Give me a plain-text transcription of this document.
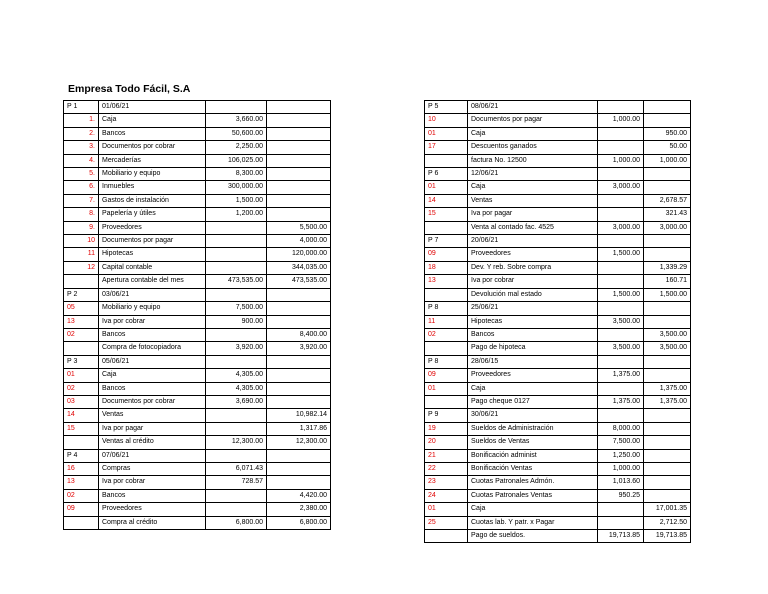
Empresa Todo Fácil, S.A
P 1	01/06/21		
1.	Caja	3,660.00	
2.	Bancos	50,600.00	
3.	Documentos por cobrar	2,250.00	
4.	Mercaderías	106,025.00	
5.	Mobiliario y equipo	8,300.00	
6.	Inmuebles	300,000.00	
7.	Gastos de instalación	1,500.00	
8.	Papelería y útiles	1,200.00	
9.	Proveedores		5,500.00
10	Documentos por pagar		4,000.00
11	Hipotecas		120,000.00
12	Capital contable		344,035.00
	Apertura contable del mes	473,535.00	473,535.00
P 2	03/06/21		
05	Mobiliario y equipo	7,500.00	
13	Iva por cobrar	900.00	
02	Bancos		8,400.00
	Compra de fotocopiadora	3,920.00	3,920.00
P 3	05/06/21		
01	Caja	4,305.00	
02	Bancos	4,305.00	
03	Documentos por cobrar	3,690.00	
14	Ventas		10,982.14
15	Iva por pagar		1,317.86
	Ventas al crédito	12,300.00	12,300.00
P 4	07/06/21		
16	Compras	6,071.43	
13	Iva por cobrar	728.57	
02	Bancos		4,420.00
09	Proveedores		2,380.00
	Compra al crédito	6,800.00	6,800.00
P 5	08/06/21		
10	Documentos por pagar	1,000.00	
01	Caja		950.00
17	Descuentos ganados		50.00
	factura No. 12500	1,000.00	1,000.00
P 6	12/06/21		
01	Caja	3,000.00	
14	Ventas		2,678.57
15	Iva por pagar		321.43
	Venta al contado fac. 4525	3,000.00	3,000.00
P 7	20/06/21		
09	Proveedores	1,500.00	
18	Dev. Y reb. Sobre compra		1,339.29
13	Iva por cobrar		160.71
	Devolución mal estado	1,500.00	1,500.00
P 8	25/06/21		
11	Hipotecas	3,500.00	
02	Bancos		3,500.00
	Pago de hipoteca	3,500.00	3,500.00
P 8	28/06/15		
09	Proveedores	1,375.00	
01	Caja		1,375.00
	Pago cheque 0127	1,375.00	1,375.00
P 9	30/06/21		
19	Sueldos de Administración	8,000.00	
20	Sueldos de Ventas	7,500.00	
21	Bonificación administ	1,250.00	
22	Bonificación Ventas	1,000.00	
23	Cuotas Patronales Admón.	1,013.60	
24	Cuotas Patronales Ventas	950.25	
01	Caja		17,001.35
25	Cuotas lab. Y patr. x Pagar		2,712.50
	Pago de sueldos.	19,713.85	19,713.85
